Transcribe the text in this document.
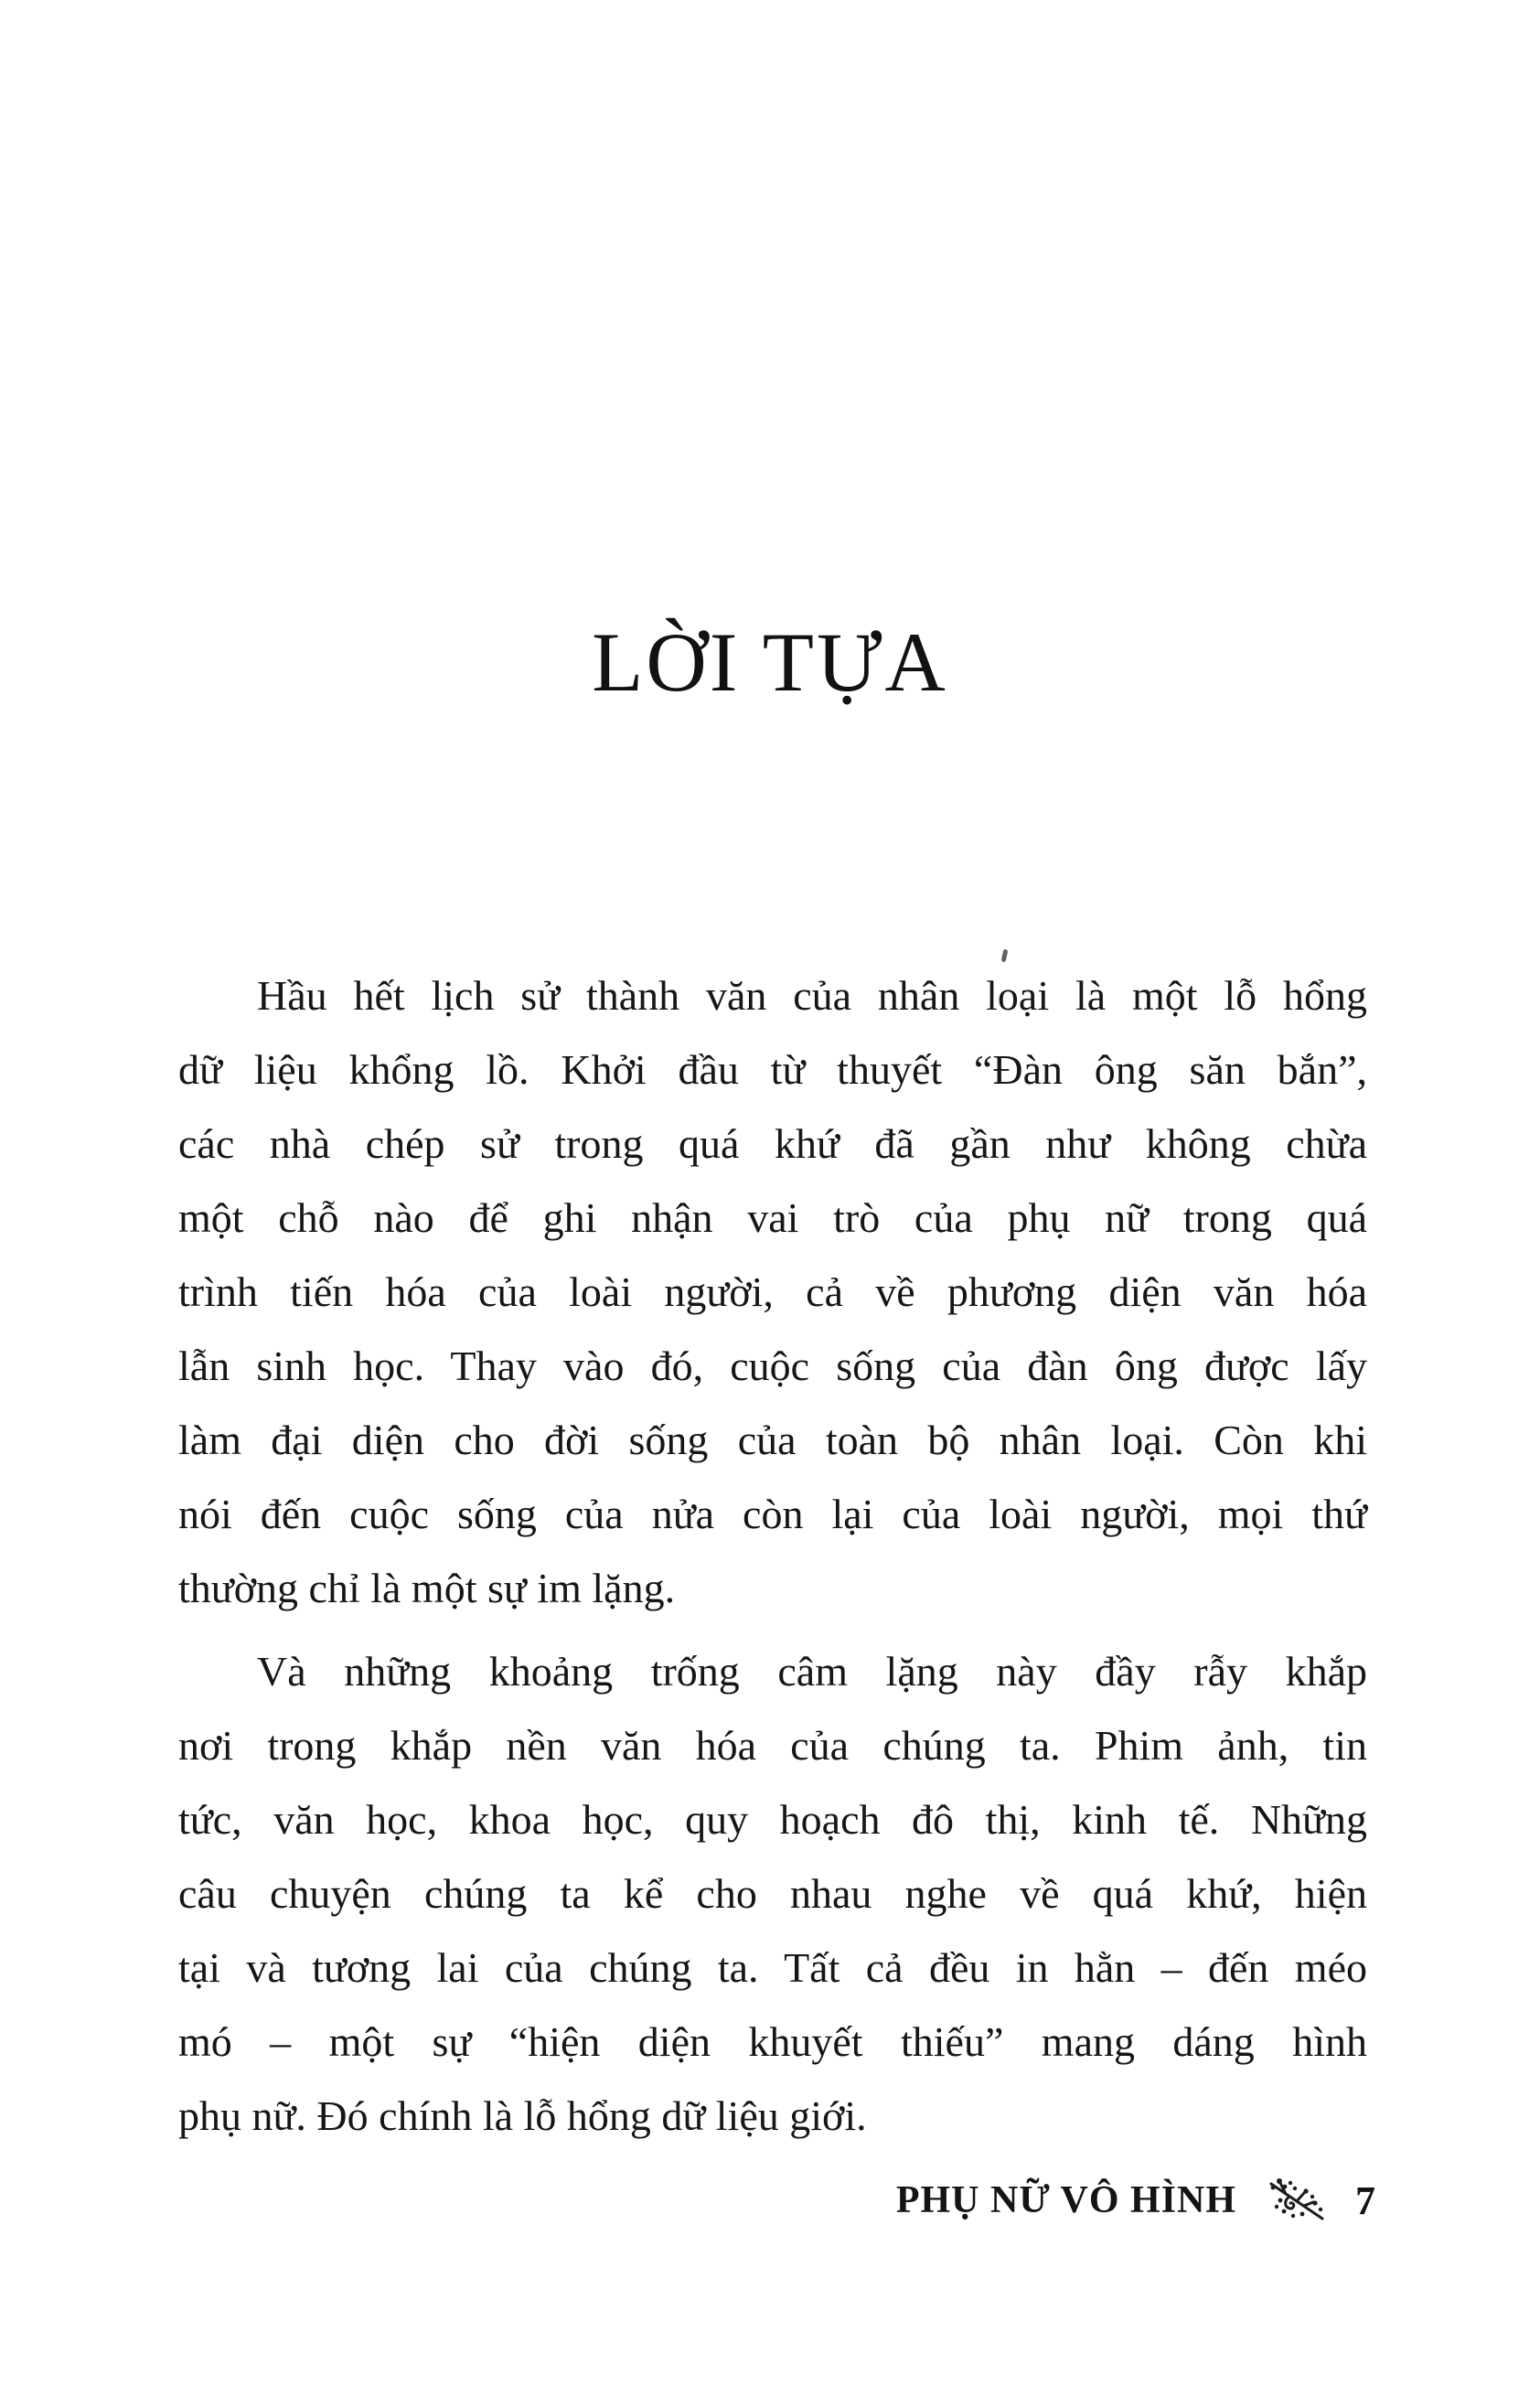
LỜI TỰA
Hầu hết lịch sử thành văn của nhân loại là một lỗ hổng
dữ liệu khổng lồ. Khởi đầu từ thuyết “Đàn ông săn bắn”,
các nhà chép sử trong quá khứ đã gần như không chừa
một chỗ nào để ghi nhận vai trò của phụ nữ trong quá
trình tiến hóa của loài người, cả về phương diện văn hóa
lẫn sinh học. Thay vào đó, cuộc sống của đàn ông được lấy
làm đại diện cho đời sống của toàn bộ nhân loại. Còn khi
nói đến cuộc sống của nửa còn lại của loài người, mọi thứ
thường chỉ là một sự im lặng.
Và những khoảng trống câm lặng này đầy rẫy khắp
nơi trong khắp nền văn hóa của chúng ta. Phim ảnh, tin
tức, văn học, khoa học, quy hoạch đô thị, kinh tế. Những
câu chuyện chúng ta kể cho nhau nghe về quá khứ, hiện
tại và tương lai của chúng ta. Tất cả đều in hằn – đến méo
mó – một sự “hiện diện khuyết thiếu” mang dáng hình
phụ nữ. Đó chính là lỗ hổng dữ liệu giới.
PHỤ NỮ VÔ HÌNH	7
